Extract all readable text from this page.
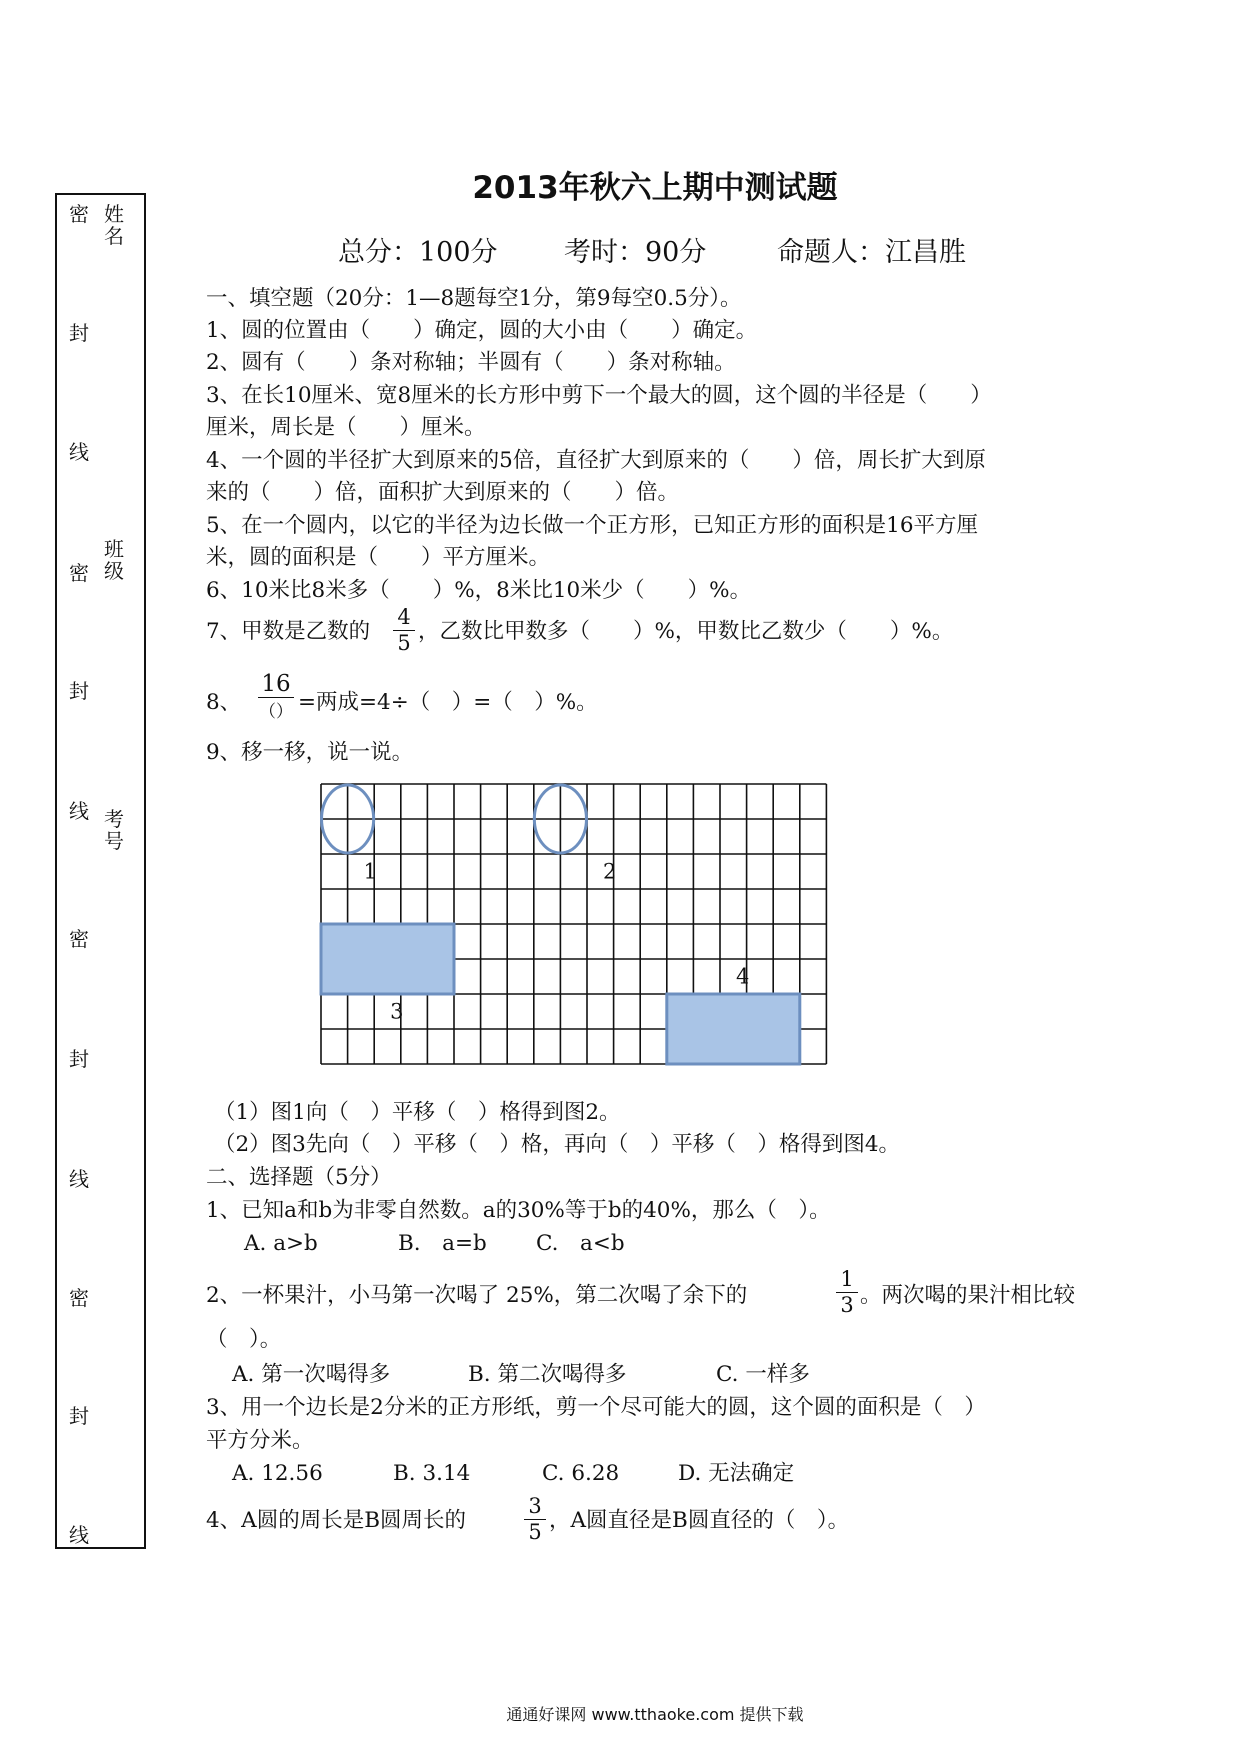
密
封
线
密
封
线
密
封
线
密
封
线
姓名
班级
考号
2013年秋六上期中测试题
总分：100分 考时：90分	命题人：江昌胜
一、填空题（20分：1—8题每空1分，第9每空0.5分）。
1、圆的位置由（　　）确定，圆的大小由（　　）确定。
2、圆有（　　）条对称轴；半圆有（　　）条对称轴。
3、在长10厘米、宽8厘米的长方形中剪下一个最大的圆，这个圆的半径是（　　）
厘米，周长是（　　）厘米。
4、一个圆的半径扩大到原来的5倍，直径扩大到原来的（　　）倍，周长扩大到原
来的（　　）倍，面积扩大到原来的（　　）倍。
5、在一个圆内，以它的半径为边长做一个正方形，已知正方形的面积是16平方厘
米，圆的面积是（　　）平方厘米。
6、10米比8米多（　　）%，8米比10米少（　　）%。
7、甲数是乙数的
4
5 ，乙数比甲数多（　　）%，甲数比乙数少（　　）%。
8、
16
（） =两成=4÷（　）=（　）%。
9、移一移，说一说。
1	2
3
4
（1）图1向（　）平移（　）格得到图2。
（2）图3先向（　）平移（　）格，再向（　）平移（　）格得到图4。
二、选择题（5分）
1、已知a和b为非零自然数。a的30%等于b的40%，那么（　）。
A. a>b	B.　a=b C.　a<b
2、一杯果汁，小马第一次喝了 25%，第二次喝了余下的
1
3 。两次喝的果汁相比较
（　）。
A. 第一次喝得多	B. 第二次喝得多	C. 一样多
3、用一个边长是2分米的正方形纸，剪一个尽可能大的圆，这个圆的面积是（　）
平方分米。
A. 12.56	B. 3.14	C. 6.28	D. 无法确定
4、A圆的周长是B圆周长的
3
5 ，A圆直径是B圆直径的（　）。
通通好课网 www.tthaoke.com 提供下载
